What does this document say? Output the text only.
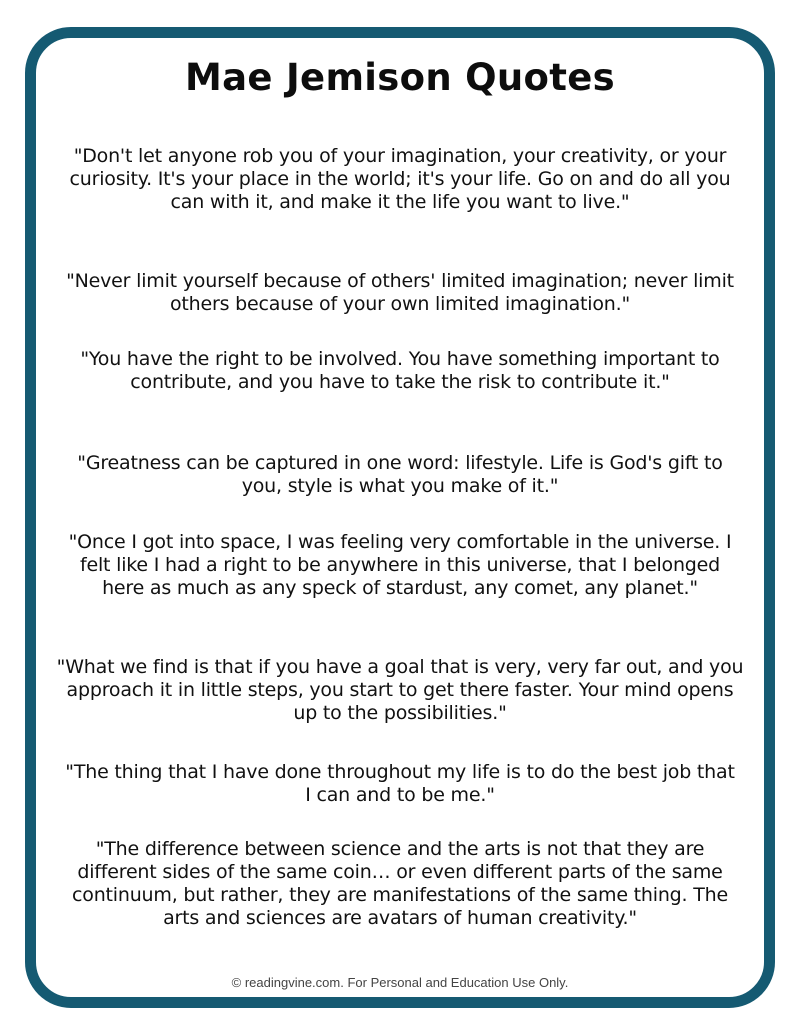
Mae Jemison Quotes

"Don't let anyone rob you of your imagination, your creativity, or your curiosity. It's your place in the world; it's your life. Go on and do all you can with it, and make it the life you want to live."

"Never limit yourself because of others' limited imagination; never limit others because of your own limited imagination."

"You have the right to be involved. You have something important to contribute, and you have to take the risk to contribute it."

"Greatness can be captured in one word: lifestyle. Life is God's gift to you, style is what you make of it."

"Once I got into space, I was feeling very comfortable in the universe. I felt like I had a right to be anywhere in this universe, that I belonged here as much as any speck of stardust, any comet, any planet."

"What we find is that if you have a goal that is very, very far out, and you approach it in little steps, you start to get there faster. Your mind opens up to the possibilities."

"The thing that I have done throughout my life is to do the best job that I can and to be me."

"The difference between science and the arts is not that they are different sides of the same coin… or even different parts of the same continuum, but rather, they are manifestations of the same thing. The arts and sciences are avatars of human creativity."

© readingvine.com. For Personal and Education Use Only.
